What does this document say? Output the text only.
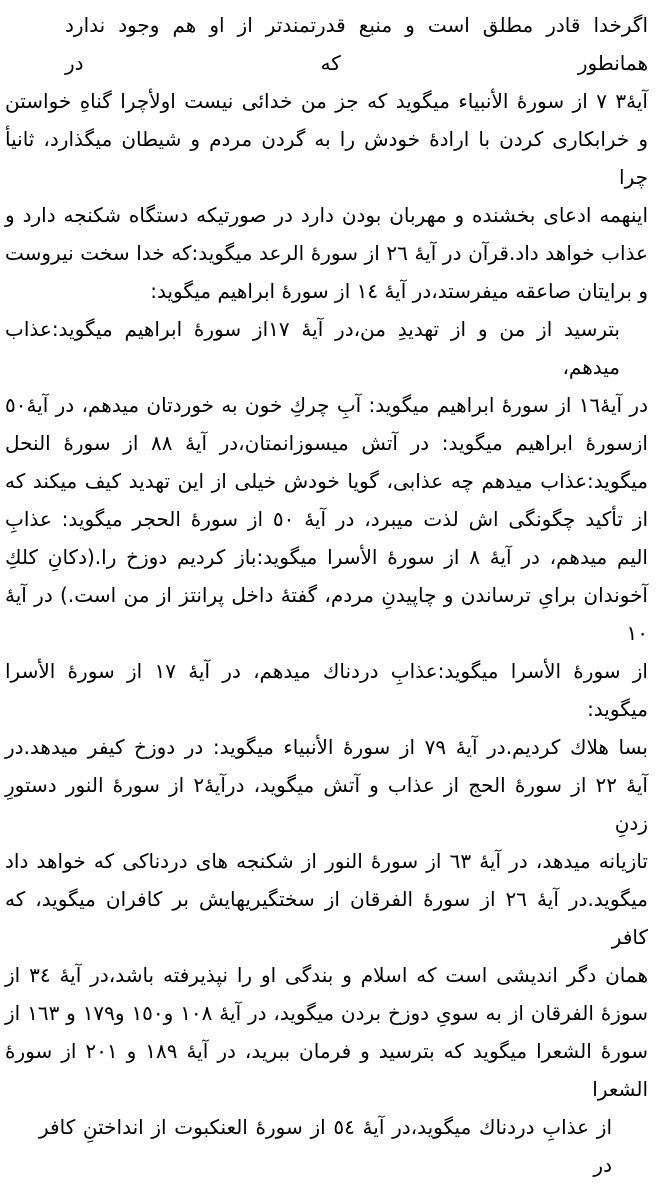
اگرخدا قادر مطلق است و منبع قدرتمندتر از او هم وجود ندارد همانطور كه در
آيهٔ٣ ٧ از سورهٔ الأنبياء ميگويد كه جز من خدائى نيست اولأچرا گناهِ خواستن
و خرابكارى كردن با ارادهٔ خودش را به گردن مردم و شيطان ميگذارد، ثانيأ چرا
اينهمه ادعاى بخشنده و مهربان بودن دارد در صورتيكه دستگاه شكنجه دارد و
عذاب خواهد داد.قرآن در آيهٔ ٢٦ از سورهٔ الرعد ميگويد:كه خدا سخت نيروست
و برايتان صاعقه ميفرستد،در آيهٔ ١٤ از سورهٔ ابراهيم ميگويد:
بترسيد از من و از تهديدِ من،در آيهٔ ١٧از سورهٔ ابراهيم ميگويد:عذاب ميدهم،
در آيهٔ١٦ از سورهٔ ابراهيم ميگويد: آبِ چركِ خون به خوردتان ميدهم، در آيهٔ٥٠
ازسورهٔ ابراهيم ميگويد: در آتش ميسوزانمتان،در آيهٔ ٨٨ از سورهٔ النحل
ميگويد:عذاب ميدهم چه عذابى، گويا خودش خيلى از اين تهديد كيف ميكند كه
از تأكيد چگونگى اش لذت ميبرد، در آيهٔ ٥٠ از سورهٔ الحجر ميگويد: عذابِ
اليم ميدهم، در آيهٔ ٨ از سورهٔ الأسرا ميگويد:باز كرديم دوزخ را.(دكانِ كلكِ
آخوندان براىِ ترساندن و چاپيدنِ مردم، گفتهٔ داخل پرانتز از من است.) در آيهٔ ١٠
از سورهٔ الأسرا ميگويد:عذابِ دردناك ميدهم، در آيهٔ ١٧ از سورهٔ الأسرا ميگويد:
بسا هلاك كرديم.در آيهٔ ٧٩ از سورهٔ الأنبياء ميگويد: در دوزخ كيفر ميدهد.در
آيهٔ ٢٢ از سورهٔ الحج از عذاب و آتش ميگويد، درآيهٔ٢ از سورهٔ النور دستورِ زدنِ
تازيانه ميدهد، در آيهٔ ٦٣ از سورهٔ النور از شكنجه هاى دردناكى كه خواهد داد
ميگويد.در آيهٔ ٢٦ از سورهٔ الفرقان از سختگيريهايش بر كافران ميگويد، كه كافر
همان دگر انديشى است كه اسلام و بندگى او را نپذيرفته باشد،در آيهٔ ٣٤ از
سوزهٔ الفرقان از به سوىِ دوزخ بردن ميگويد، در آيهٔ ١٠٨ و١٥٠ و١٧٩ و ١٦٣ از
سورهٔ الشعرا ميگويد كه بترسيد و فرمان ببريد، در آيهٔ ١٨٩ و ٢٠١ از سورهٔ الشعرا
از عذابِ دردناك ميگويد،در آيهٔ ٥٤ از سورهٔ العنكبوت از انداختنِ كافر در
